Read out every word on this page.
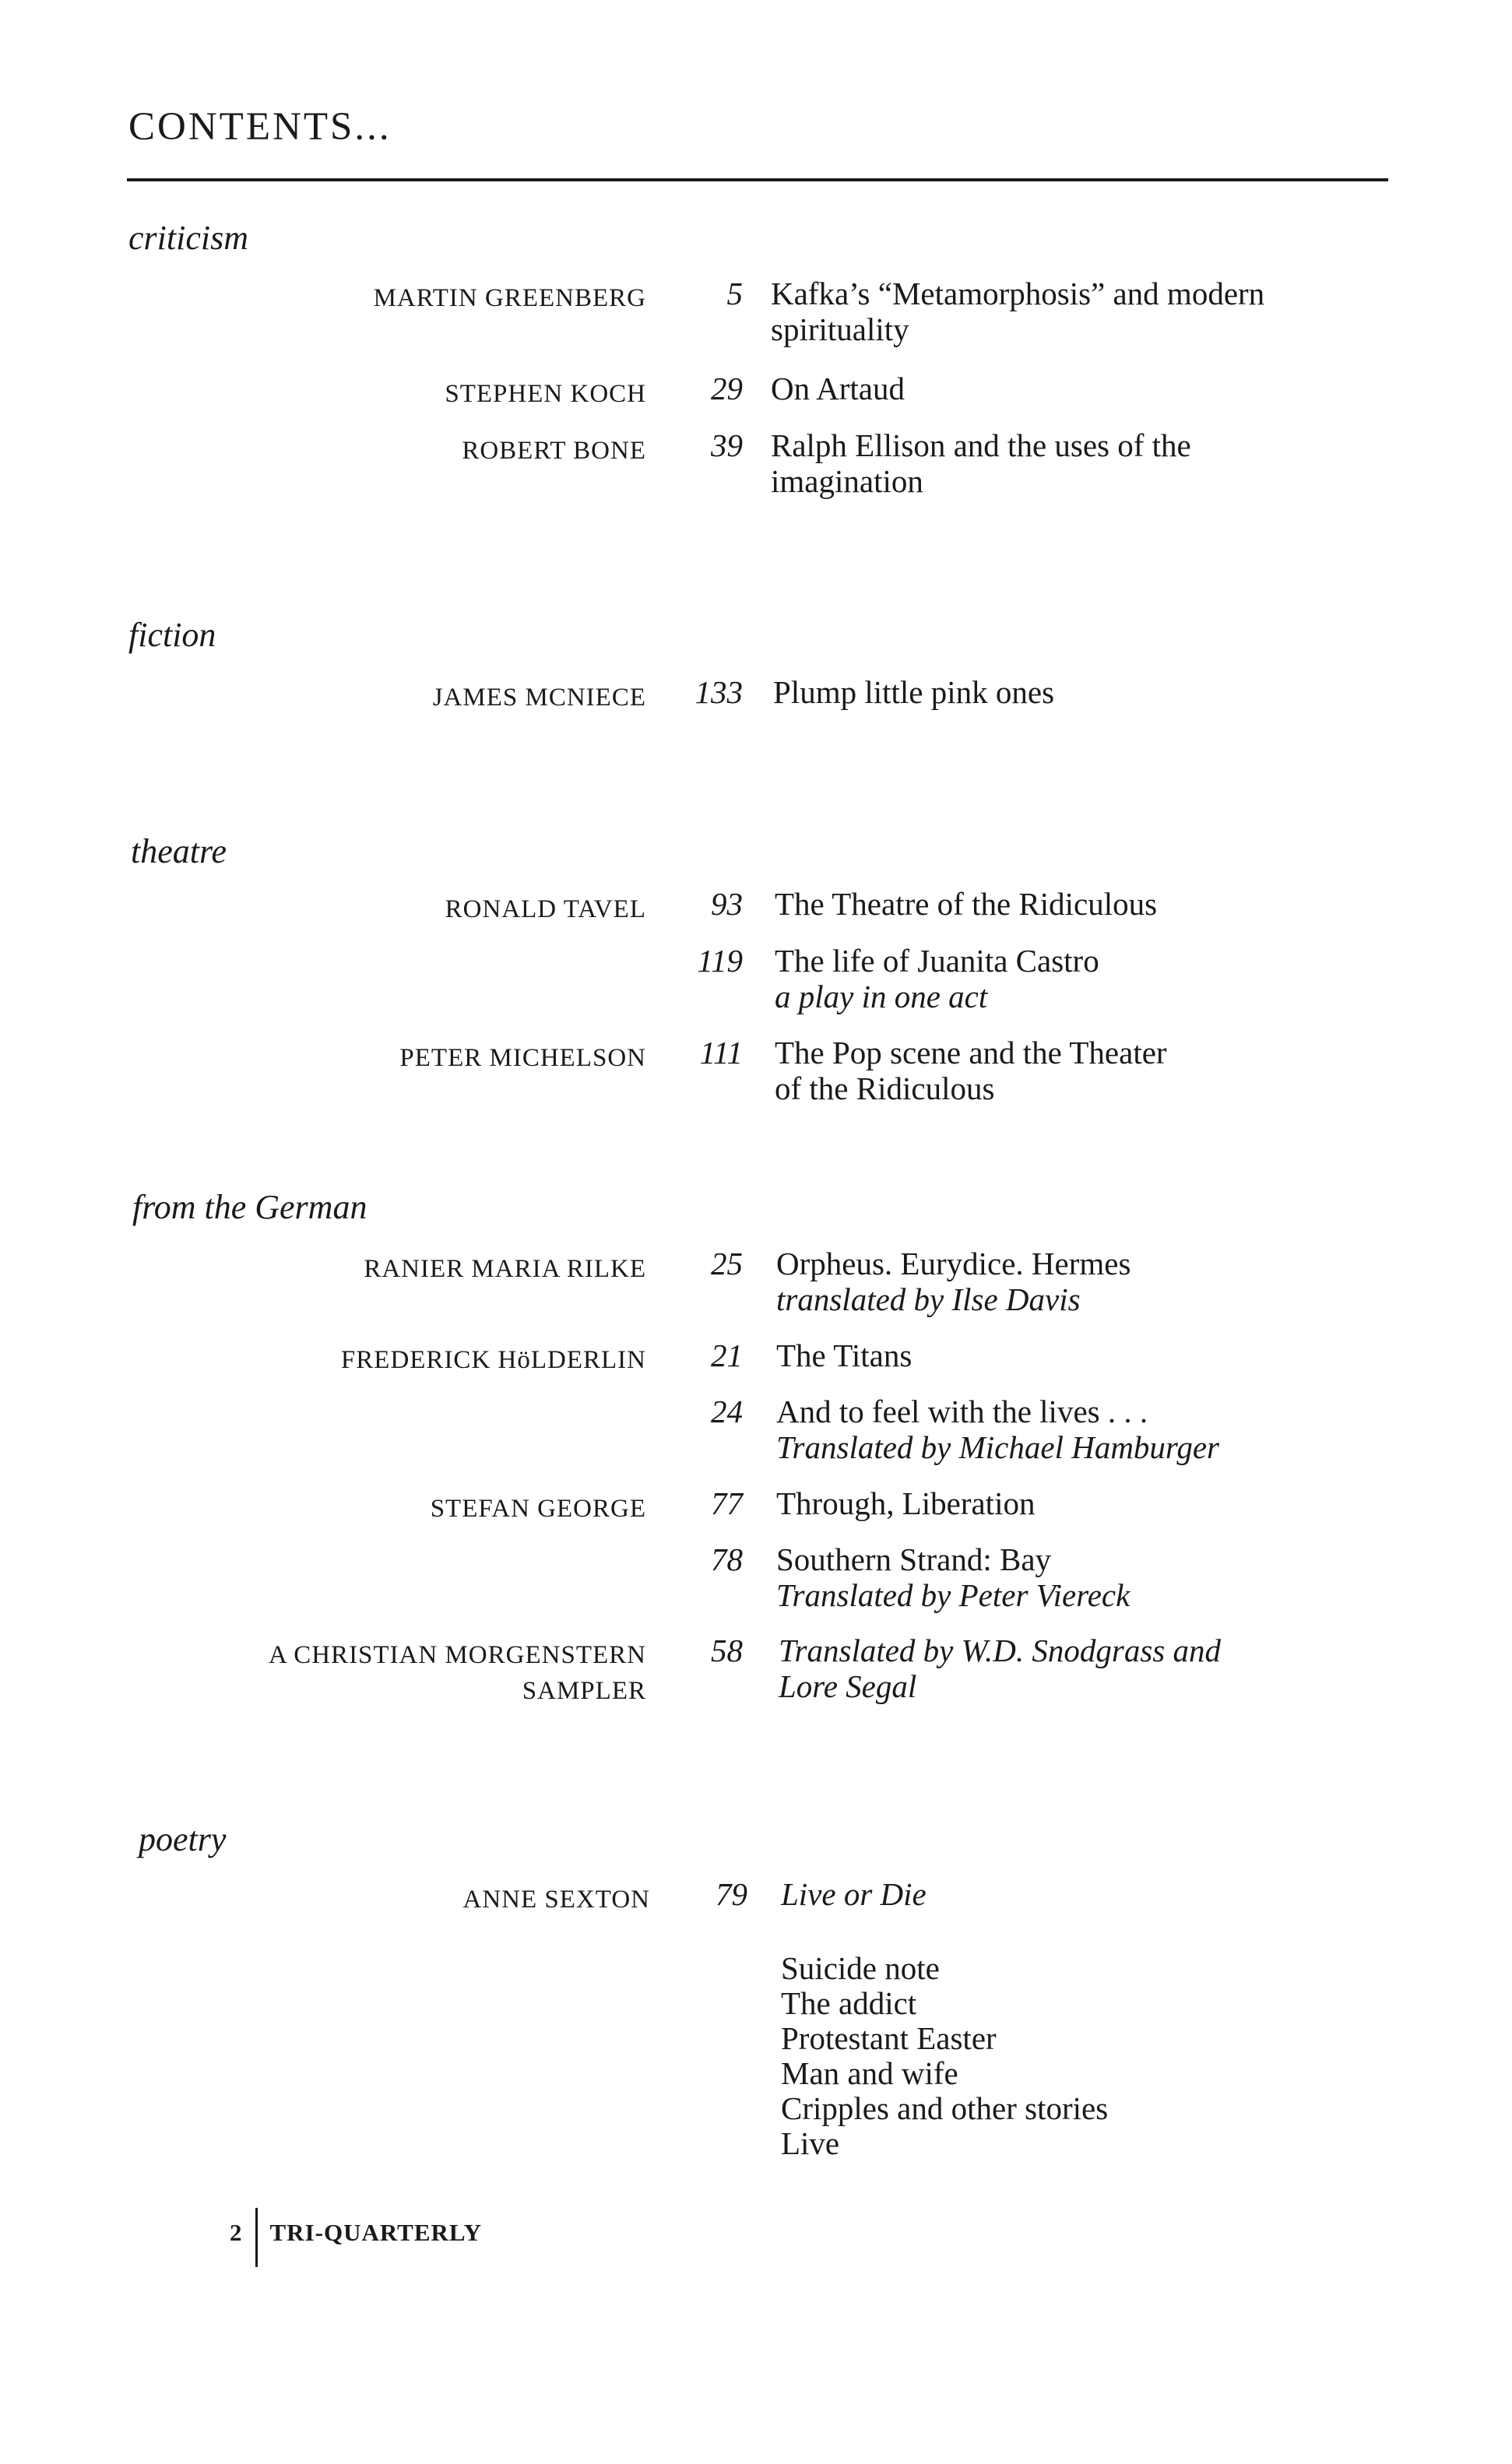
CONTENTS...
criticism
fiction
theatre
from the German
poetry
MARTIN GREENBERG	5 Kafka’s “Metamorphosis” and modern
spirituality
STEPHEN KOCH	29 On Artaud
ROBERT BONE	39 Ralph Ellison and the uses of the
imagination
JAMES MCNIECE	133 Plump little pink ones
RONALD TAVEL	93 The Theatre of the Ridiculous
119 The life of Juanita Castro
a play in one act
PETER MICHELSON	111 The Pop scene and the Theater
of the Ridiculous
RANIER MARIA RILKE	25 Orpheus. Eurydice. Hermes
translated by Ilse Davis
FREDERICK HöLDERLIN	21 The Titans
24 And to feel with the lives . . .
Translated by Michael Hamburger
STEFAN GEORGE	77 Through, Liberation
78 Southern Strand: Bay
Translated by Peter Viereck
A CHRISTIAN MORGENSTERN
SAMPLER
58 Translated by W.D. Snodgrass and
Lore Segal
ANNE SEXTON	79 Live or Die
Suicide note
The addict
Protestant Easter
Man and wife
Cripples and other stories
Live
2 TRI-QUARTERLY
